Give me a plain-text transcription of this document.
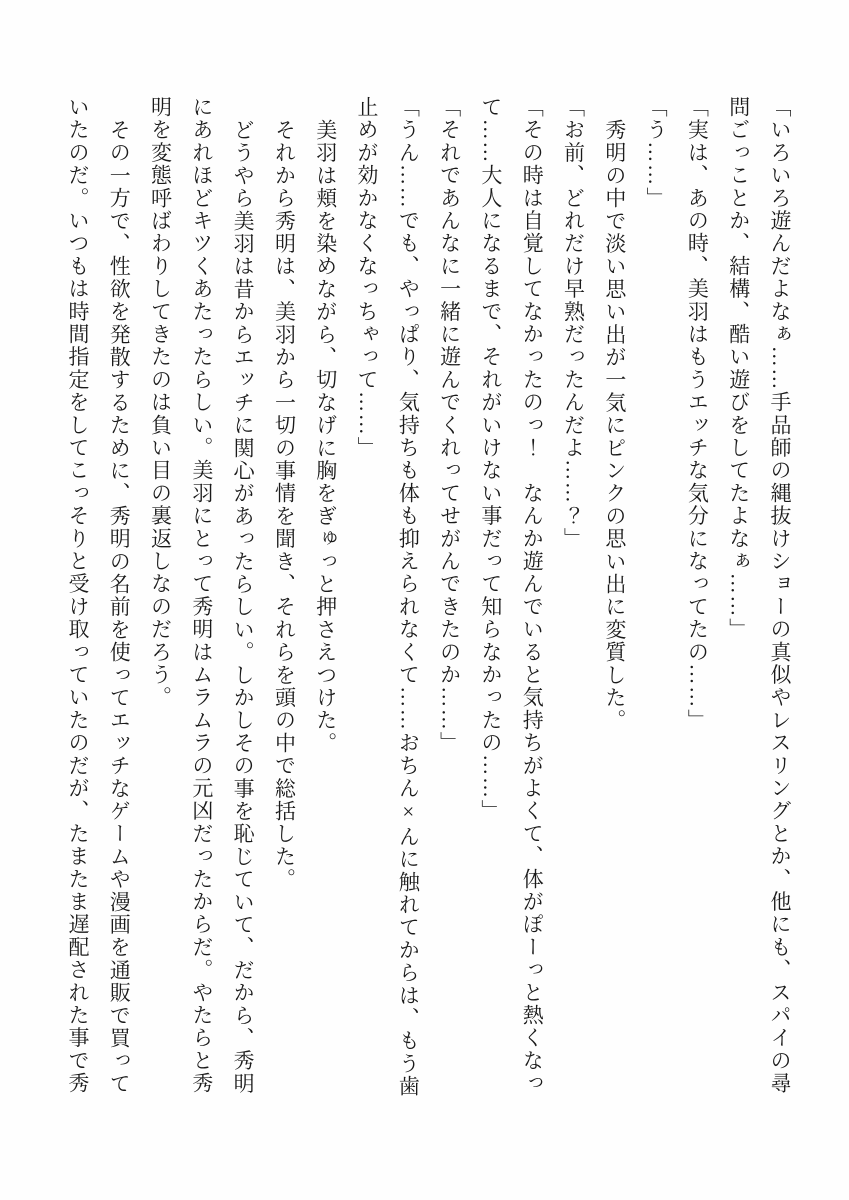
「いろいろ遊んだよなぁ……手品師の縄抜けショーの真似やレスリングとか、他にも、スパイの尋

問ごっことか、結構、酷い遊びをしてたよなぁ……」

「実は、あの時、美羽はもうエッチな気分になってたの……」

「う……」

秀明の中で淡い思い出が一気にピンクの思い出に変質した。

「お前、どれだけ早熟だったんだよ……？」

「その時は自覚してなかったのっ！　なんか遊んでいると気持ちがよくて、体がぽーっと熱くなっ

て……大人になるまで、それがいけない事だって知らなかったの……」

「それであんなに一緒に遊んでくれってせがんできたのか……」

「うん……でも、やっぱり、気持ちも体も抑えられなくて……おちん×んに触れてからは、もう歯

止めが効かなくなっちゃって……」

美羽は頬を染めながら、切なげに胸をぎゅっと押さえつけた。

それから秀明は、美羽から一切の事情を聞き、それらを頭の中で総括した。

どうやら美羽は昔からエッチに関心があったらしい。しかしその事を恥じていて、だから、秀明

にあれほどキツくあたったらしい。美羽にとって秀明はムラムラの元凶だったからだ。やたらと秀

明を変態呼ばわりしてきたのは負い目の裏返しなのだろう。

その一方で、性欲を発散するために、秀明の名前を使ってエッチなゲームや漫画を通販で買って

いたのだ。いつもは時間指定をしてこっそりと受け取っていたのだが、たまたま遅配された事で秀
